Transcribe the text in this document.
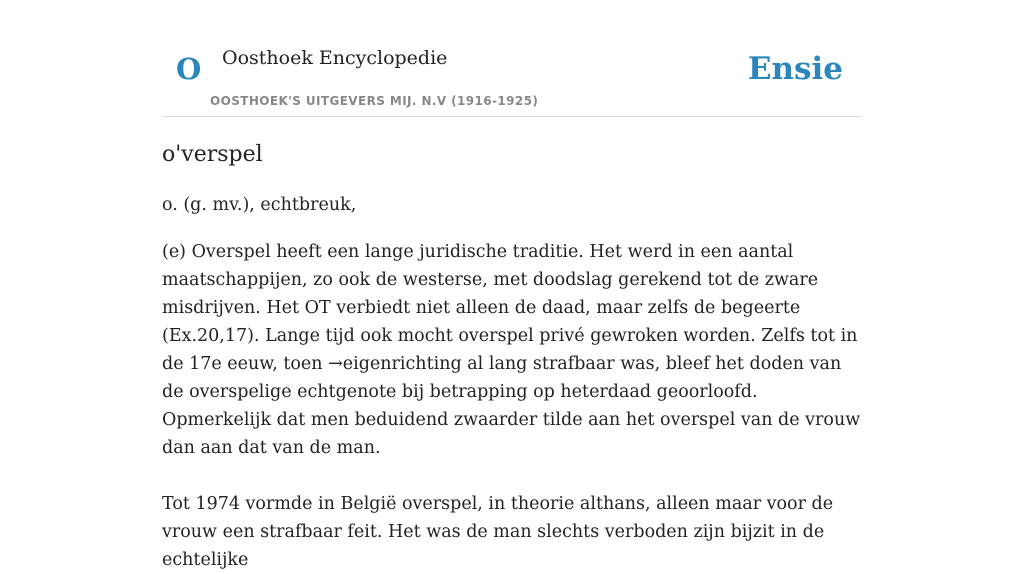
O Oosthoek Encyclopedie
OOSTHOEK'S UITGEVERS MIJ. N.V (1916-1925)
Ensie
o'verspel

o. (g. mv.), echtbreuk,

(e) Overspel heeft een lange juridische traditie. Het werd in een aantal maatschappijen, zo ook de westerse, met doodslag gerekend tot de zware misdrijven. Het OT verbiedt niet alleen de daad, maar zelfs de begeerte (Ex.20,17). Lange tijd ook mocht overspel privé gewroken worden. Zelfs tot in de 17e eeuw, toen →eigenrichting al lang strafbaar was, bleef het doden van de overspelige echtgenote bij betrapping op heterdaad geoorloofd. Opmerkelijk dat men beduidend zwaarder tilde aan het overspel van de vrouw dan aan dat van de man.

Tot 1974 vormde in België overspel, in theorie althans, alleen maar voor de vrouw een strafbaar feit. Het was de man slechts verboden zijn bijzit in de echtelijke
